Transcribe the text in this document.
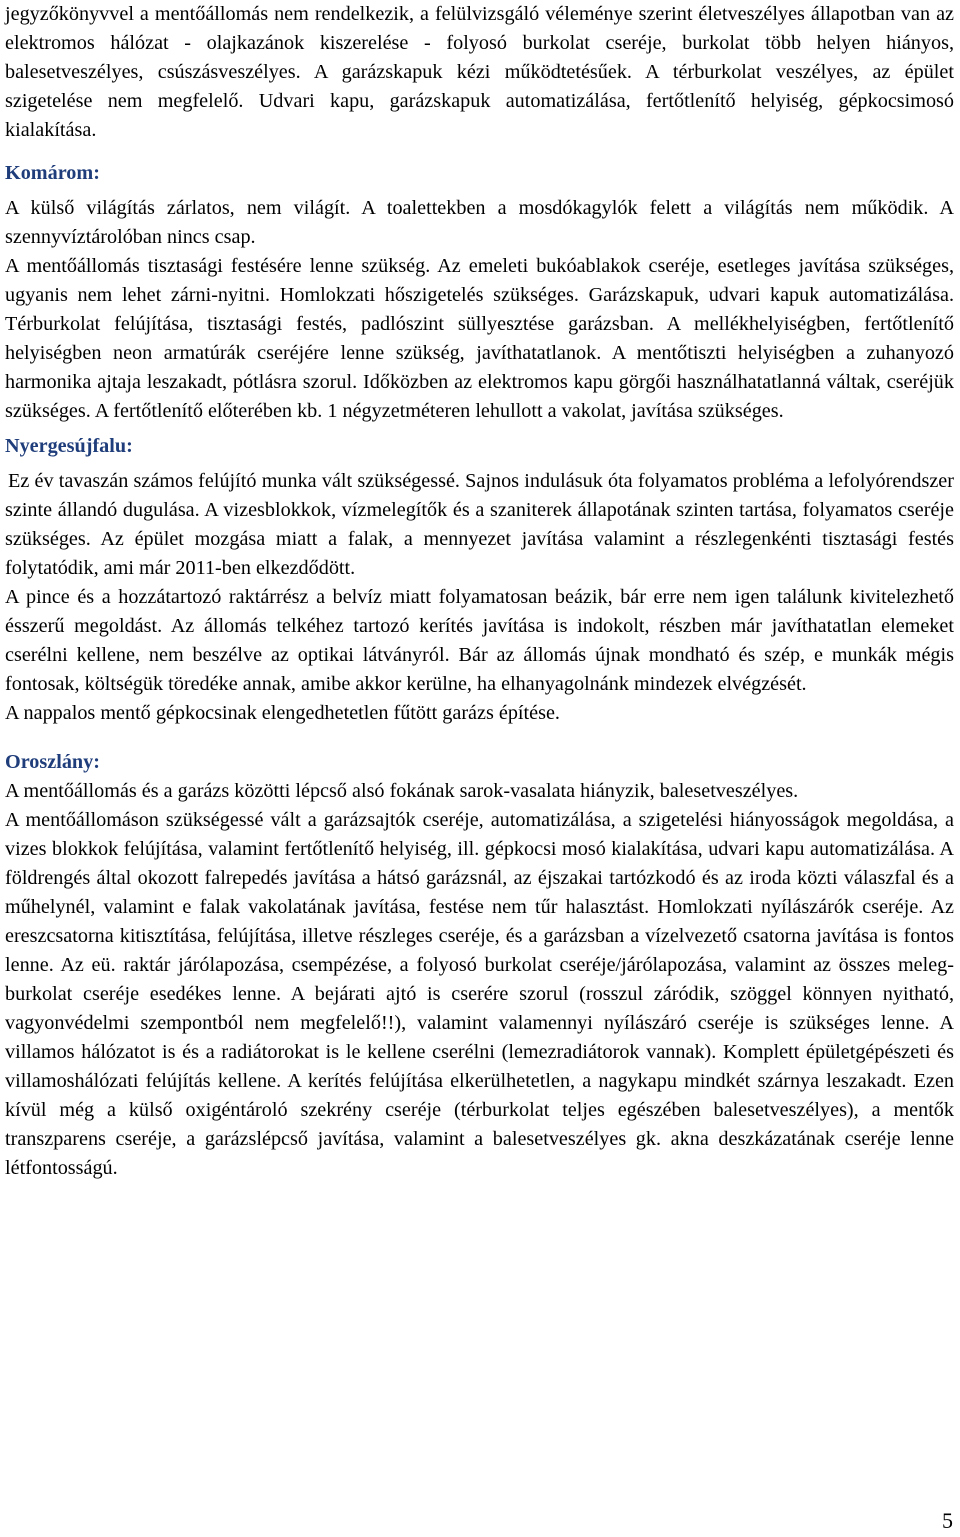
jegyzőkönyvvel a mentőállomás nem rendelkezik, a felülvizsgáló véleménye szerint életveszélyes állapotban van az elektromos hálózat - olajkazánok kiszerelése - folyosó burkolat cseréje, burkolat több helyen hiányos, balesetveszélyes, csúszásveszélyes. A garázskapuk kézi működtetésűek. A térburkolat veszélyes, az épület szigetelése nem megfelelő. Udvari kapu, garázskapuk automatizálása, fertőtlenítő helyiség, gépkocsimosó kialakítása.

Komárom:

A külső világítás zárlatos, nem világít. A toalettekben a mosdókagylók felett a világítás nem működik. A szennyvíztárolóban nincs csap.

A mentőállomás tisztasági festésére lenne szükség. Az emeleti bukóablakok cseréje, esetleges javítása szükséges, ugyanis nem lehet zárni-nyitni. Homlokzati hőszigetelés szükséges. Garázskapuk, udvari kapuk automatizálása. Térburkolat felújítása, tisztasági festés, padlószint süllyesztése garázsban. A mellékhelyiségben, fertőtlenítő helyiségben neon armatúrák cseréjére lenne szükség, javíthatatlanok. A mentőtiszti helyiségben a zuhanyozó harmonika ajtaja leszakadt, pótlásra szorul. Időközben az elektromos kapu görgői használhatatlanná váltak, cseréjük szükséges. A fertőtlenítő előterében kb. 1 négyzetméteren lehullott a vakolat, javítása szükséges.

Nyergesújfalu:

Ez év tavaszán számos felújító munka vált szükségessé. Sajnos indulásuk óta folyamatos probléma a lefolyórendszer szinte állandó dugulása. A vizesblokkok, vízmelegítők és a szaniterek állapotának szinten tartása, folyamatos cseréje szükséges. Az épület mozgása miatt a falak, a mennyezet javítása valamint a részlegenkénti tisztasági festés folytatódik, ami már 2011-ben elkezdődött.

A pince és a hozzátartozó raktárrész a belvíz miatt folyamatosan beázik, bár erre nem igen találunk kivitelezhető ésszerű megoldást. Az állomás telkéhez tartozó kerítés javítása is indokolt, részben már javíthatatlan elemeket cserélni kellene, nem beszélve az optikai látványról. Bár az állomás újnak mondható és szép, e munkák mégis fontosak, költségük töredéke annak, amibe akkor kerülne, ha elhanyagolnánk mindezek elvégzését.

A nappalos mentő gépkocsinak elengedhetetlen fűtött garázs építése.

Oroszlány:

A mentőállomás és a garázs közötti lépcső alsó fokának sarok-vasalata hiányzik, balesetveszélyes.

A mentőállomáson szükségessé vált a garázsajtók cseréje, automatizálása, a szigetelési hiányosságok megoldása, a vizes blokkok felújítása, valamint fertőtlenítő helyiség, ill. gépkocsi mosó kialakítása, udvari kapu automatizálása. A földrengés által okozott falrepedés javítása a hátsó garázsnál, az éjszakai tartózkodó és az iroda közti válaszfal és a műhelynél, valamint e falak vakolatának javítása, festése nem tűr halasztást. Homlokzati nyílászárók cseréje. Az ereszcsatorna kitisztítása, felújítása, illetve részleges cseréje, és a garázsban a vízelvezető csatorna javítása is fontos lenne. Az eü. raktár járólapozása, csempézése, a folyosó burkolat cseréje/járólapozása, valamint az összes meleg-burkolat cseréje esedékes lenne. A bejárati ajtó is cserére szorul (rosszul záródik, szöggel könnyen nyitható, vagyonvédelmi szempontból nem megfelelő!!), valamint valamennyi nyílászáró cseréje is szükséges lenne. A villamos hálózatot is és a radiátorokat is le kellene cserélni (lemezradiátorok vannak). Komplett épületgépészeti és villamoshálózati felújítás kellene. A kerítés felújítása elkerülhetetlen, a nagykapu mindkét szárnya leszakadt. Ezen kívül még a külső oxigéntároló szekrény cseréje (térburkolat teljes egészében balesetveszélyes), a mentők transzparens cseréje, a garázslépcső javítása, valamint a balesetveszélyes gk. akna deszkázatának cseréje lenne létfontosságú.

5
